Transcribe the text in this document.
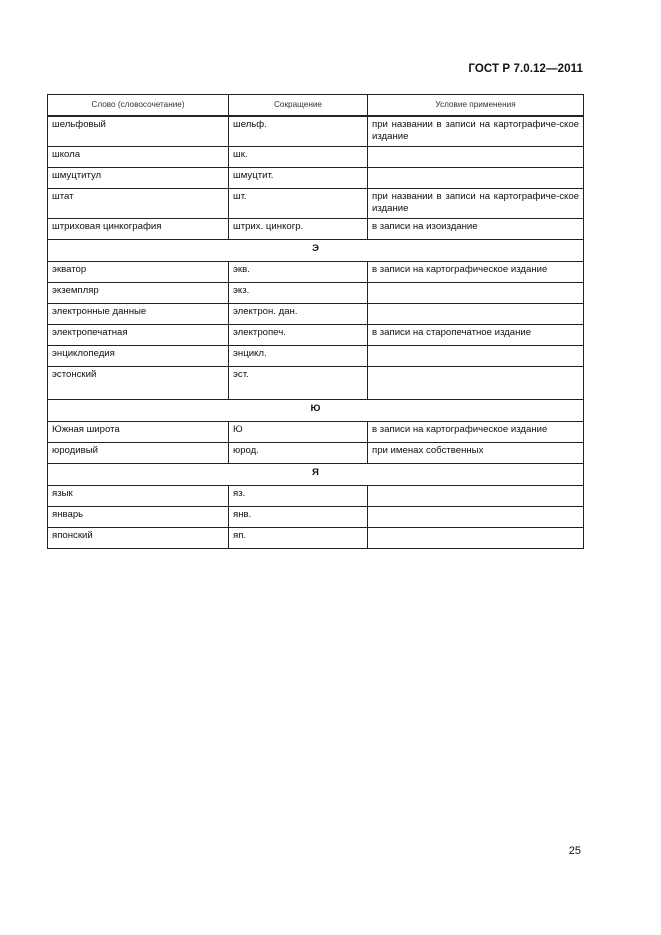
ГОСТ Р 7.0.12—2011
Слово (словосочетание)	Сокращение	Условие применения
шельфовый	шельф.	при названии в записи на картографиче-ское издание
школа	шк.	
шмуцтитул	шмуцтит.	
штат	шт.	при названии в записи на картографиче-ское издание
штриховая цинкография	штрих. цинкогр.	в записи на изоиздание
Э		
экватор	экв.	в записи на картографическое издание
экземпляр	экз.	
электронные данные	электрон. дан.	
электропечатная	электропеч.	в записи на старопечатное издание
энциклопедия	энцикл.	
эстонский	эст.	
Ю		
Южная широта	Ю	в записи на картографическое издание
юродивый	юрод.	при именах собственных
Я		
язык	яз.	
январь	янв.	
японский	яп.	
25
